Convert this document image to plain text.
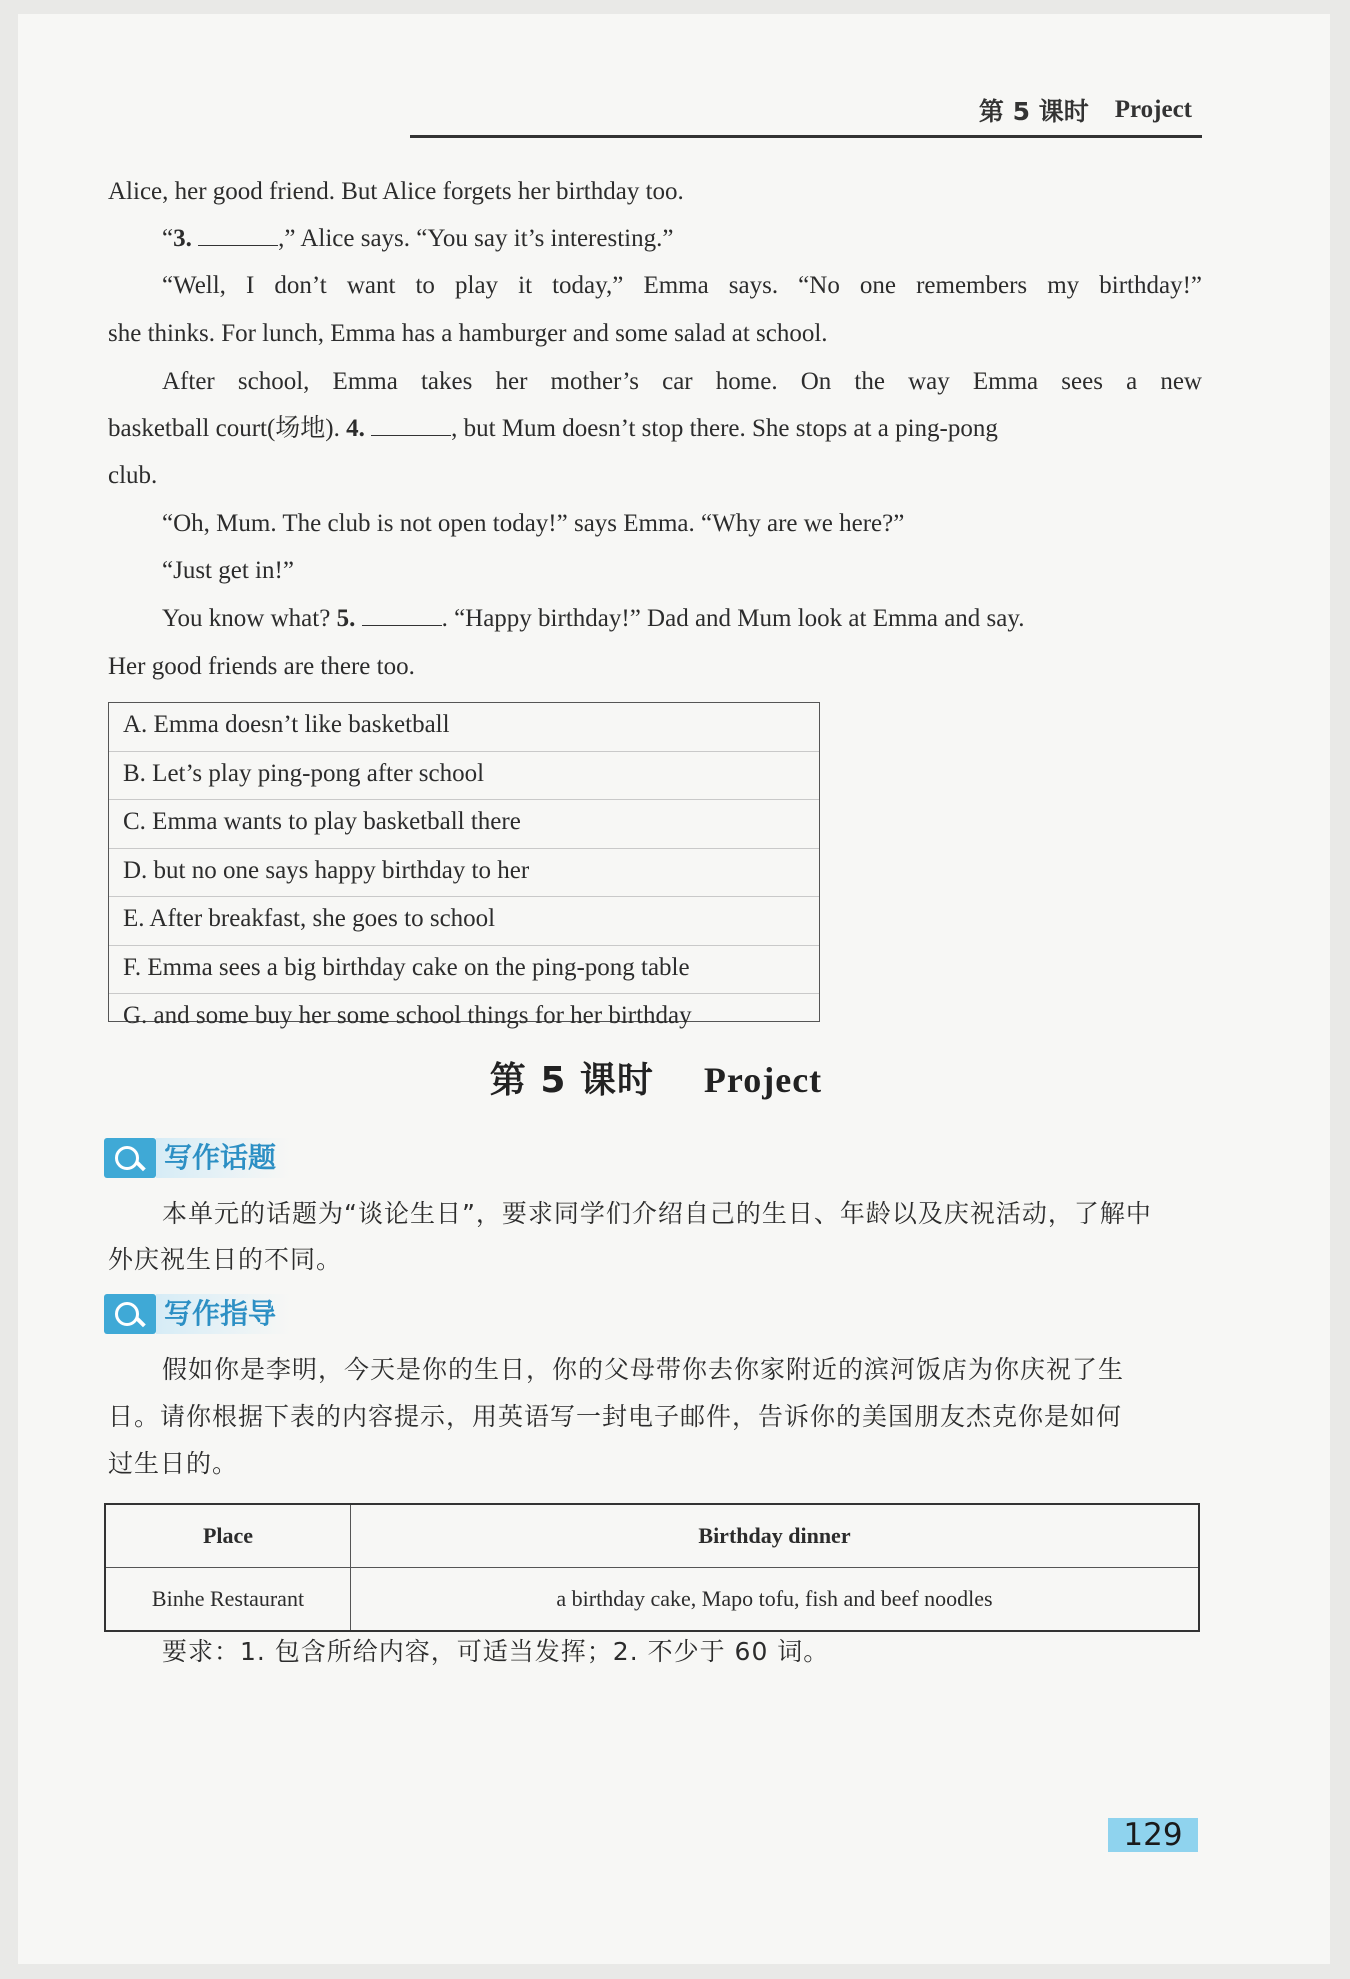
第 5 课时 Project
Alice, her good friend. But Alice forgets her birthday too.
“3.	,” Alice says. “You say it’s interesting.”
“Well, I don’t want to play it today,” Emma says. “No one remembers my birthday!”
she thinks. For lunch, Emma has a hamburger and some salad at school.
After school, Emma takes her mother’s car home. On the way Emma sees a new
basketball court(场地). 4.	, but Mum doesn’t stop there. She stops at a ping-pong
club.
“Oh, Mum. The club is not open today!” says Emma. “Why are we here?”
“Just get in!”
You know what? 5.	. “Happy birthday!” Dad and Mum look at Emma and say.
Her good friends are there too.
A. Emma doesn’t like basketball
B. Let’s play ping-pong after school
C. Emma wants to play basketball there
D. but no one says happy birthday to her
E. After breakfast, she goes to school
F. Emma sees a big birthday cake on the ping-pong table
G. and some buy her some school things for her birthday
第 5 课时 Project
写作话题
本单元的话题为“谈论生日”，要求同学们介绍自己的生日、年龄以及庆祝活动，了解中
外庆祝生日的不同。
写作指导
假如你是李明，今天是你的生日，你的父母带你去你家附近的滨河饭店为你庆祝了生
日。请你根据下表的内容提示，用英语写一封电子邮件，告诉你的美国朋友杰克你是如何
过生日的。
Place	Birthday dinner
Binhe Restaurant	a birthday cake, Mapo tofu, fish and beef noodles
要求：1. 包含所给内容，可适当发挥；2. 不少于 60 词。
129
